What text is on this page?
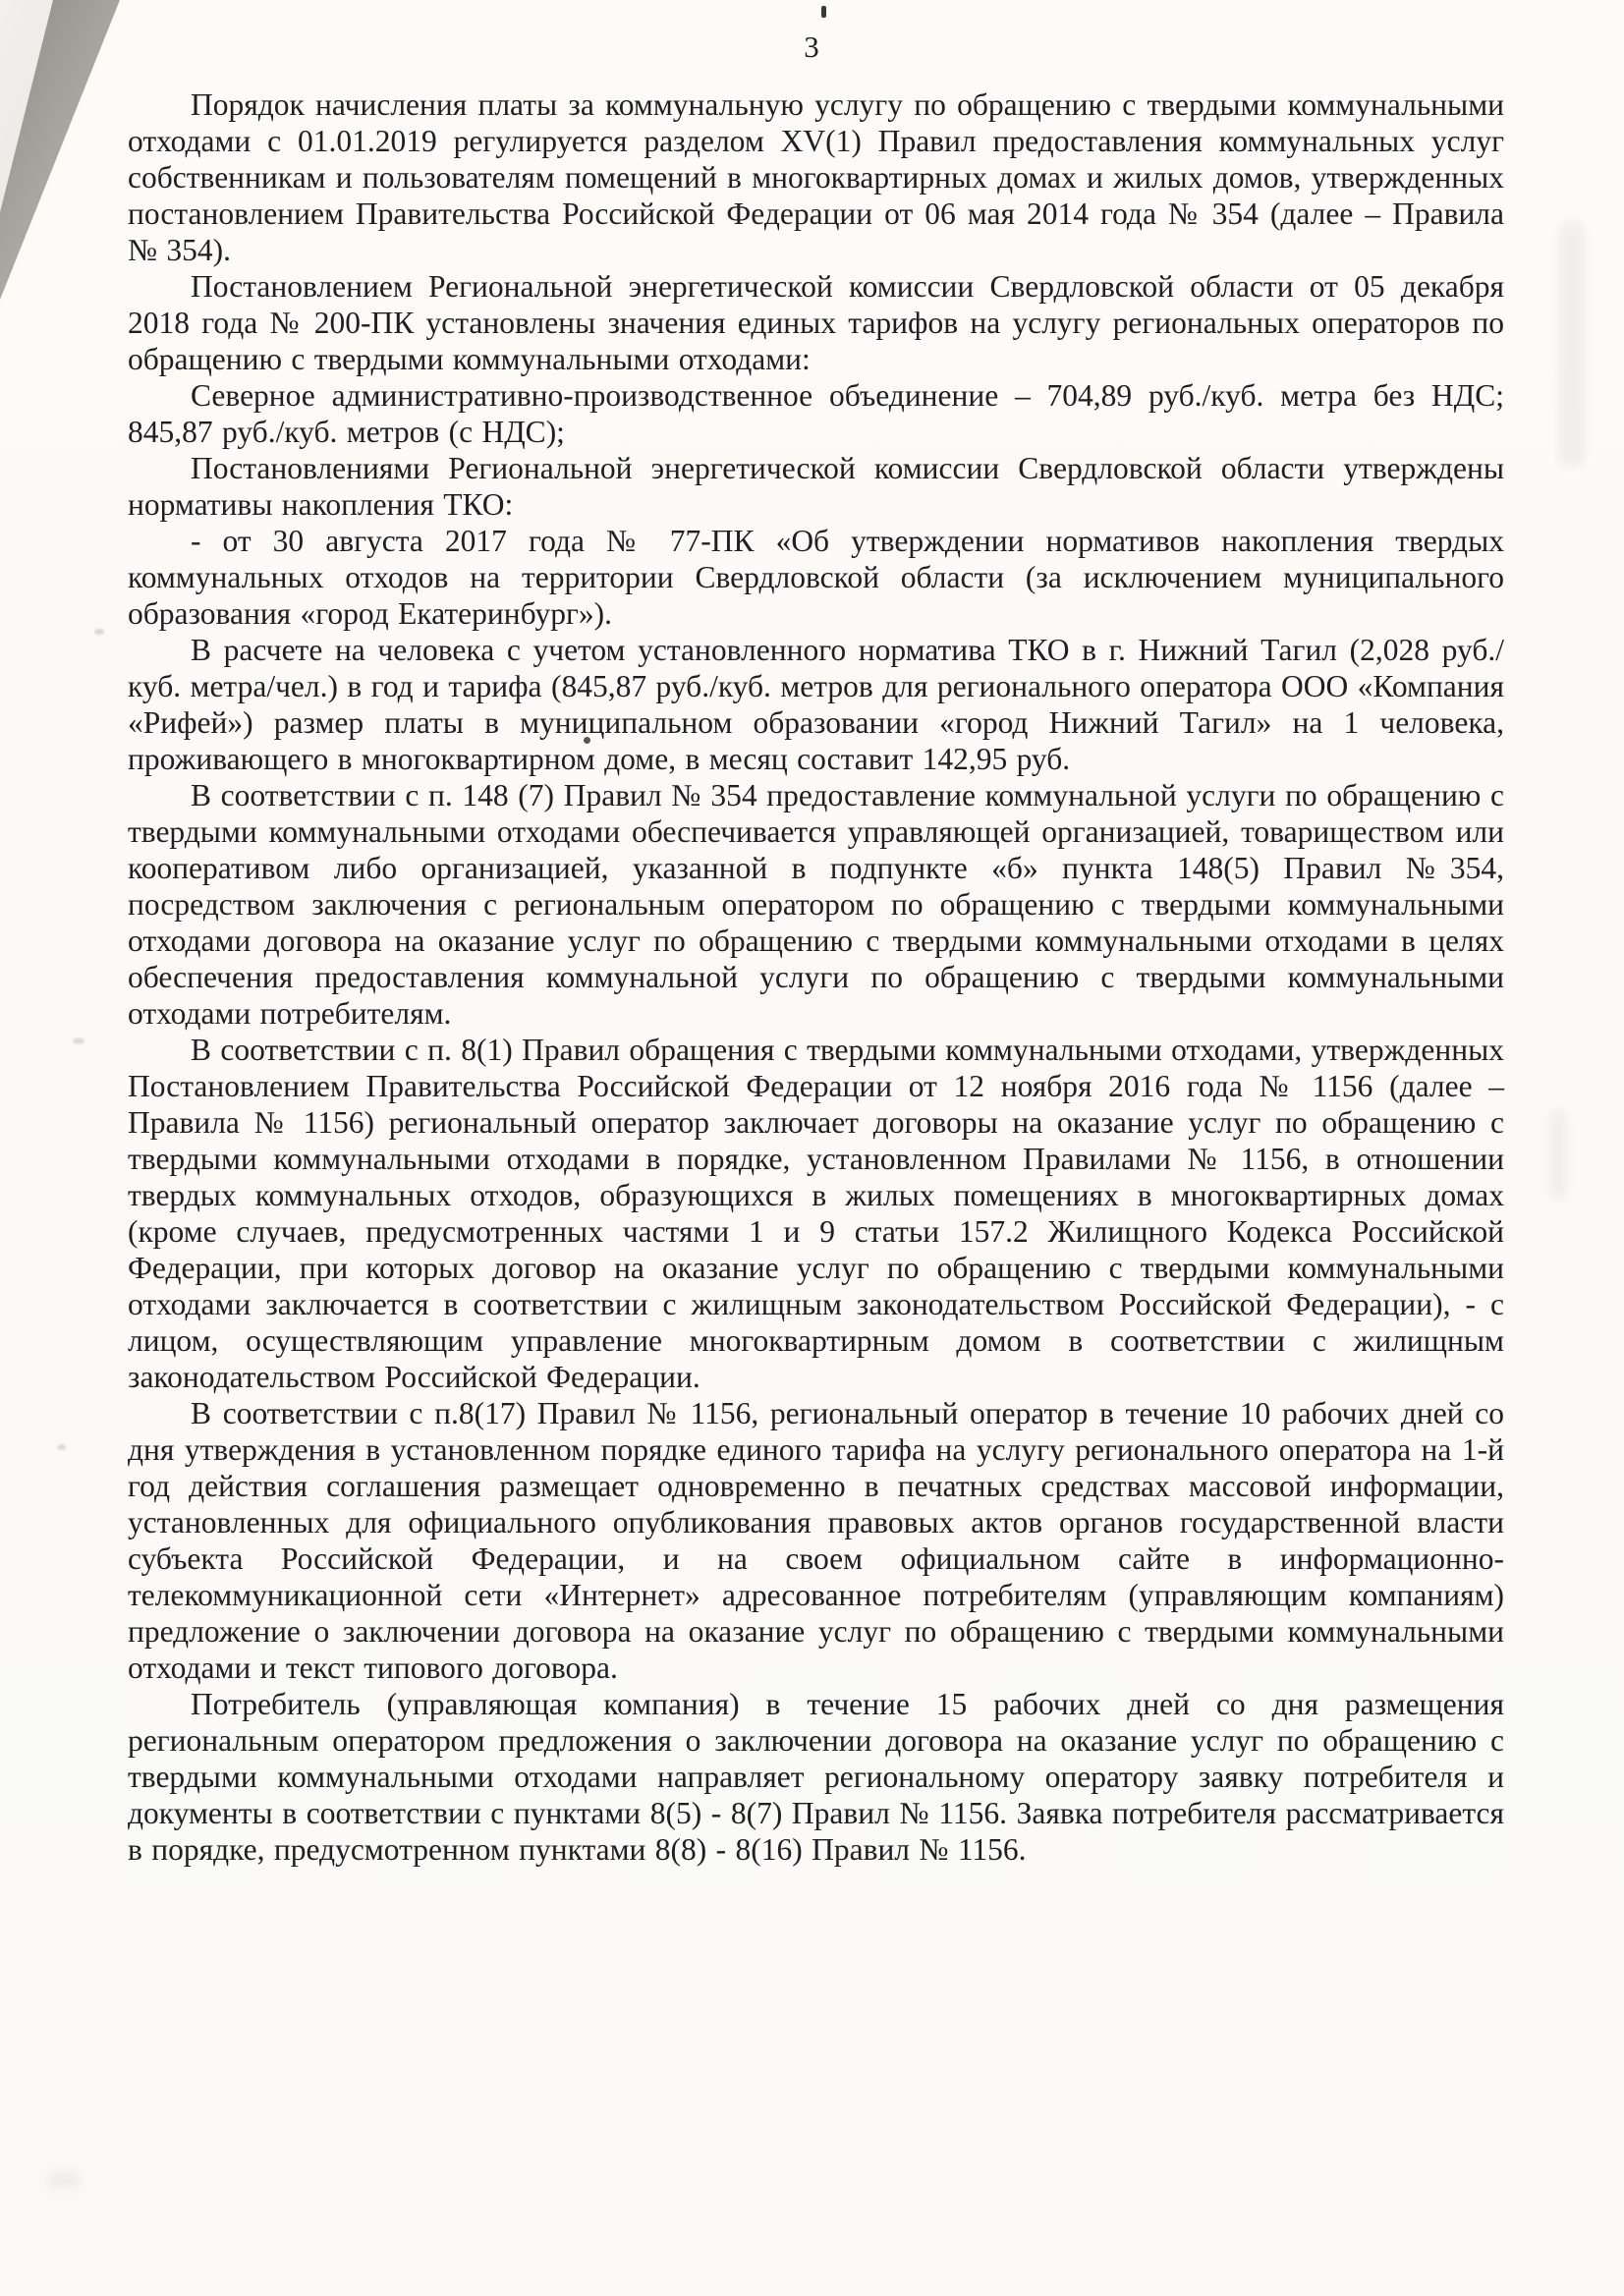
3

Порядок начисления платы за коммунальную услугу по обращению с твердыми коммунальными отходами с 01.01.2019 регулируется разделом XV(1) Правил предоставления коммунальных услуг собственникам и пользователям помещений в многоквартирных домах и жилых домов, утвержденных постановлением Правительства Российской Федерации от 06 мая 2014 года № 354 (далее – Правила № 354).

Постановлением Региональной энергетической комиссии Свердловской области от 05 декабря 2018 года № 200-ПК установлены значения единых тарифов на услугу региональных операторов по обращению с твердыми коммунальными отходами:

Северное административно-производственное объединение – 704,89 руб./куб. метра без НДС; 845,87 руб./куб. метров (с НДС);

Постановлениями Региональной энергетической комиссии Свердловской области утверждены нормативы накопления ТКО:

- от 30 августа 2017 года № 77-ПК «Об утверждении нормативов накопления твердых коммунальных отходов на территории Свердловской области (за исключением муниципального образования «город Екатеринбург»).

В расчете на человека с учетом установленного норматива ТКО в г. Нижний Тагил (2,028 руб./куб. метра/чел.) в год и тарифа (845,87 руб./куб. метров для регионального оператора ООО «Компания «Рифей») размер платы в муниципальном образовании «город Нижний Тагил» на 1 человека, проживающего в многоквартирном доме, в месяц составит 142,95 руб.

В соответствии с п. 148 (7) Правил № 354 предоставление коммунальной услуги по обращению с твердыми коммунальными отходами обеспечивается управляющей организацией, товариществом или кооперативом либо организацией, указанной в подпункте «б» пункта 148(5) Правил №354, посредством заключения с региональным оператором по обращению с твердыми коммунальными отходами договора на оказание услуг по обращению с твердыми коммунальными отходами в целях обеспечения предоставления коммунальной услуги по обращению с твердыми коммунальными отходами потребителям.

В соответствии с п. 8(1) Правил обращения с твердыми коммунальными отходами, утвержденных Постановлением Правительства Российской Федерации от 12 ноября 2016 года № 1156 (далее – Правила № 1156) региональный оператор заключает договоры на оказание услуг по обращению с твердыми коммунальными отходами в порядке, установленном Правилами № 1156, в отношении твердых коммунальных отходов, образующихся в жилых помещениях в многоквартирных домах (кроме случаев, предусмотренных частями 1 и 9 статьи 157.2 Жилищного Кодекса Российской Федерации, при которых договор на оказание услуг по обращению с твердыми коммунальными отходами заключается в соответствии с жилищным законодательством Российской Федерации), - с лицом, осуществляющим управление многоквартирным домом в соответствии с жилищным законодательством Российской Федерации.

В соответствии с п.8(17) Правил № 1156, региональный оператор в течение 10 рабочих дней со дня утверждения в установленном порядке единого тарифа на услугу регионального оператора на 1-й год действия соглашения размещает одновременно в печатных средствах массовой информации, установленных для официального опубликования правовых актов органов государственной власти субъекта Российской Федерации, и на своем официальном сайте в информационно-телекоммуникационной сети «Интернет» адресованное потребителям (управляющим компаниям) предложение о заключении договора на оказание услуг по обращению с твердыми коммунальными отходами и текст типового договора.

Потребитель (управляющая компания) в течение 15 рабочих дней со дня размещения региональным оператором предложения о заключении договора на оказание услуг по обращению с твердыми коммунальными отходами направляет региональному оператору заявку потребителя и документы в соответствии с пунктами 8(5) - 8(7) Правил № 1156. Заявка потребителя рассматривается в порядке, предусмотренном пунктами 8(8) - 8(16) Правил № 1156.
